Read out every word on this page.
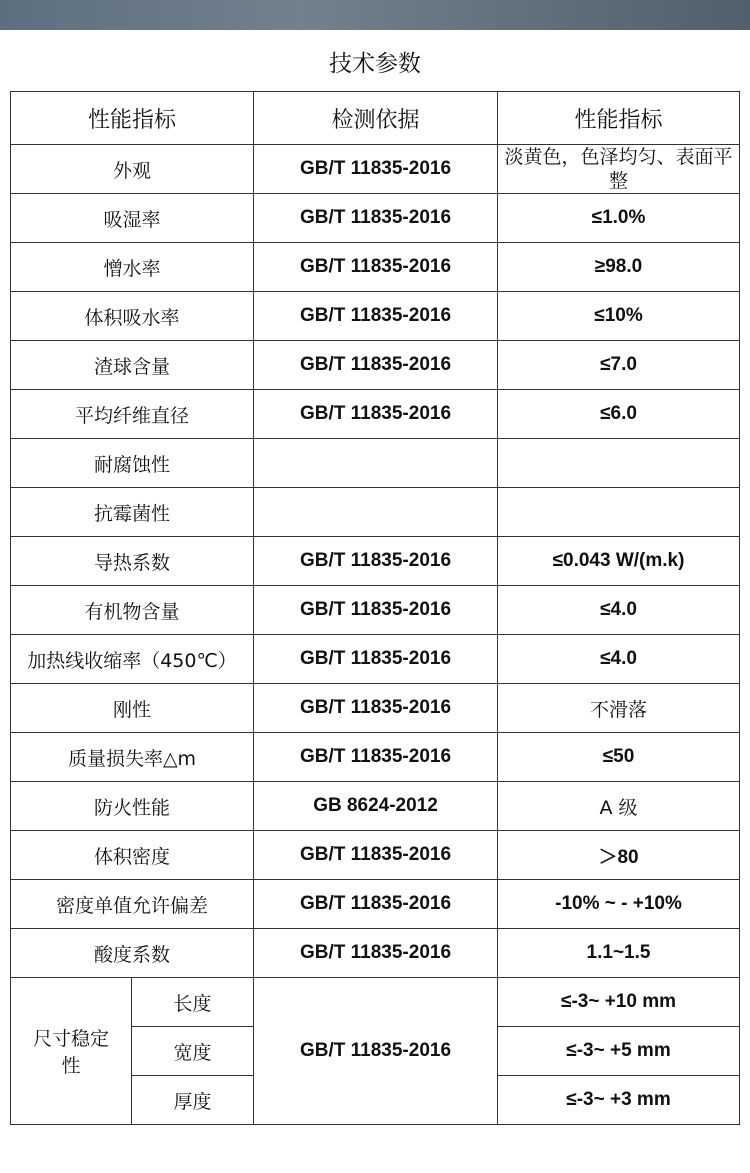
技术参数
性能指标		检测依据	性能指标
外观		GB/T 11835-2016	淡黄色，色泽均匀、表面平整
吸湿率		GB/T 11835-2016	≤1.0%
憎水率		GB/T 11835-2016	≥98.0
体积吸水率		GB/T 11835-2016	≤10%
渣球含量		GB/T 11835-2016	≤7.0
平均纤维直径		GB/T 11835-2016	≤6.0
耐腐蚀性			
抗霉菌性			
导热系数		GB/T 11835-2016	≤0.043 W/(m.k)
有机物含量		GB/T 11835-2016	≤4.0
加热线收缩率（450℃）		GB/T 11835-2016	≤4.0
刚性		GB/T 11835-2016	不滑落
质量损失率△m		GB/T 11835-2016	≤50
防火性能		GB 8624-2012	A 级
体积密度		GB/T 11835-2016	＞80
密度单值允许偏差		GB/T 11835-2016	-10% ~ - +10%
酸度系数		GB/T 11835-2016	1.1~1.5
尺寸稳定性	长度	GB/T 11835-2016	≤-3~ +10 mm
	宽度		≤-3~ +5 mm
	厚度		≤-3~ +3 mm
